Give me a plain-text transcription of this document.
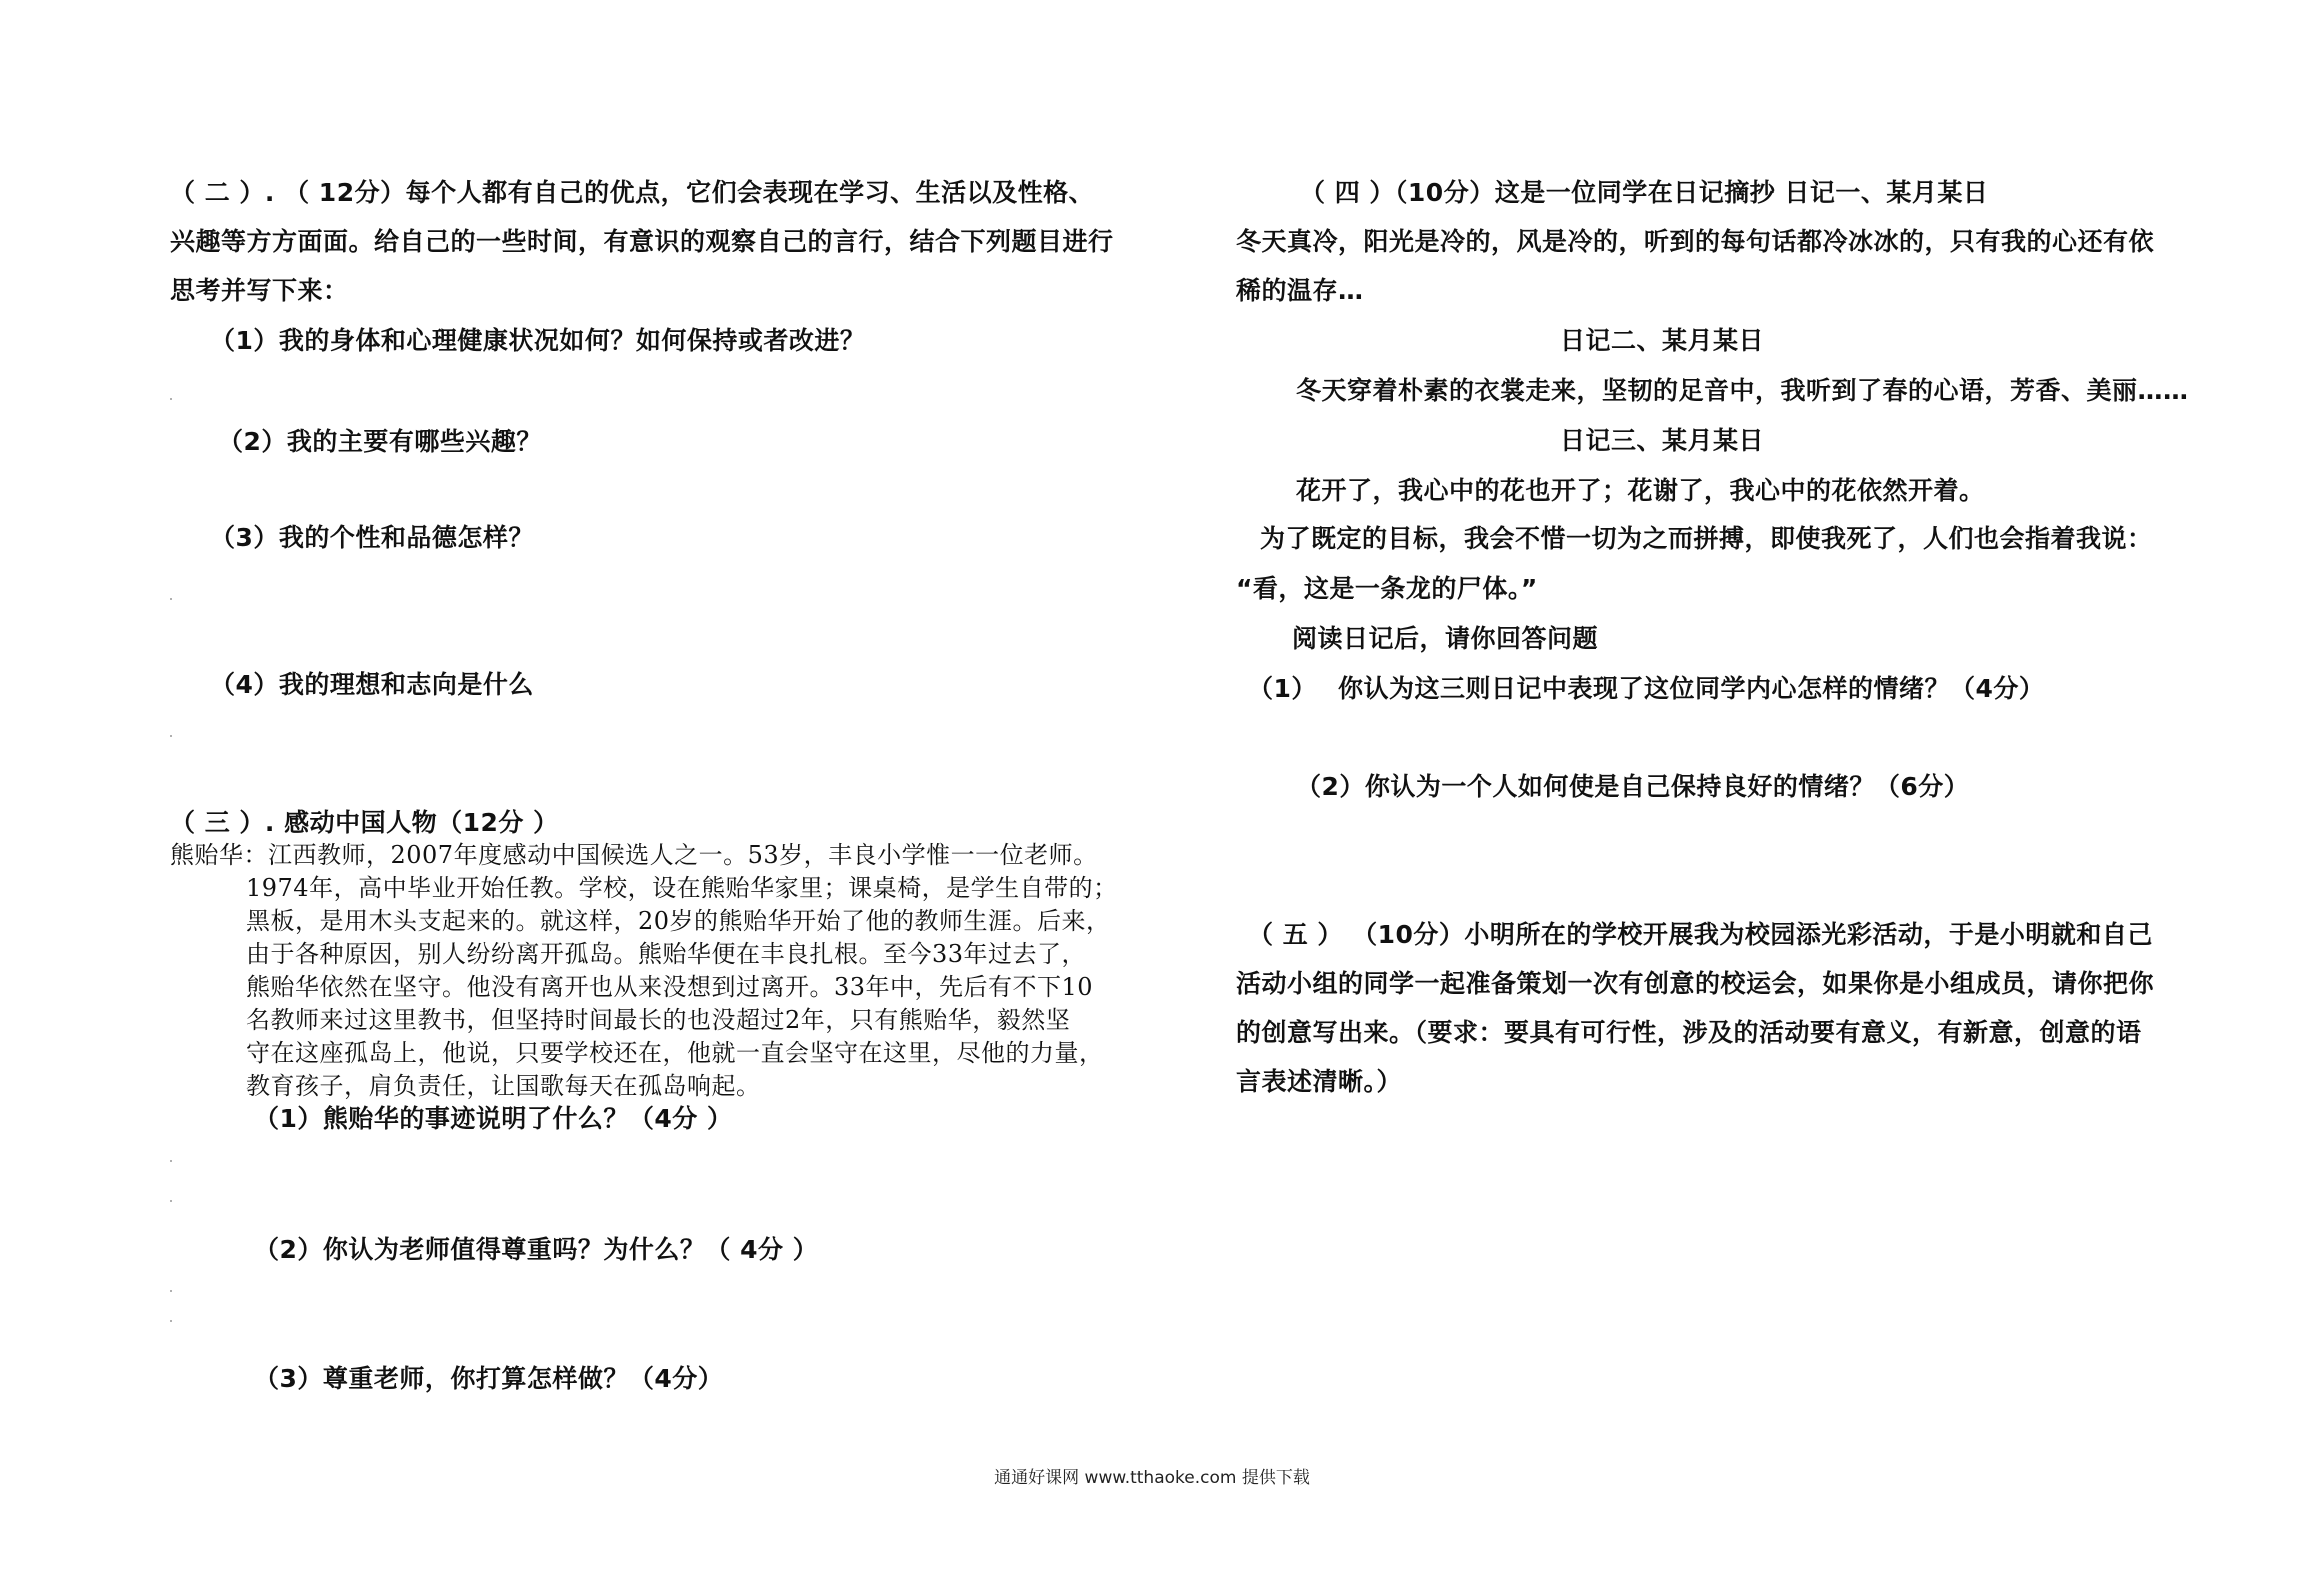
（ 二 ）. （ 12分）每个人都有自己的优点，它们会表现在学习、生活以及性格、
兴趣等方方面面。给自己的一些时间，有意识的观察自己的言行，结合下列题目进行
思考并写下来：
（1）我的身体和心理健康状况如何？如何保持或者改进？
（2）我的主要有哪些兴趣？
（3）我的个性和品德怎样？
（4）我的理想和志向是什么
（ 三 ）. 感动中国人物（12分 ）
熊贻华：江西教师，2007年度感动中国候选人之一。53岁，丰良小学惟一一位老师。
1974年，高中毕业开始任教。学校，设在熊贻华家里；课桌椅，是学生自带的；
黑板，是用木头支起来的。就这样，20岁的熊贻华开始了他的教师生涯。后来，
由于各种原因，别人纷纷离开孤岛。熊贻华便在丰良扎根。至今33年过去了，
熊贻华依然在坚守。他没有离开也从来没想到过离开。33年中，先后有不下10
名教师来过这里教书，但坚持时间最长的也没超过2年，只有熊贻华，毅然坚
守在这座孤岛上，他说，只要学校还在，他就一直会坚守在这里，尽他的力量，
教育孩子，肩负责任，让国歌每天在孤岛响起。
（1）熊贻华的事迹说明了什么？（4分 ）
（2）你认为老师值得尊重吗？为什么？（ 4分 ）
（3）尊重老师，你打算怎样做？（4分）
（ 四 ）（10分）这是一位同学在日记摘抄 日记一、某月某日
冬天真冷，阳光是冷的，风是冷的，听到的每句话都冷冰冰的，只有我的心还有依
稀的温存…
日记二、某月某日
冬天穿着朴素的衣裳走来，坚韧的足音中，我听到了春的心语，芳香、美丽……
日记三、某月某日
花开了，我心中的花也开了；花谢了，我心中的花依然开着。
为了既定的目标，我会不惜一切为之而拼搏，即使我死了，人们也会指着我说：
“看，这是一条龙的尸体。”
阅读日记后，请你回答问题
（1） 你认为这三则日记中表现了这位同学内心怎样的情绪？（4分）
（2）你认为一个人如何使是自己保持良好的情绪？（6分）
（ 五 ） （10分）小明所在的学校开展我为校园添光彩活动，于是小明就和自己
活动小组的同学一起准备策划一次有创意的校运会，如果你是小组成员，请你把你
的创意写出来。（要求：要具有可行性，涉及的活动要有意义，有新意，创意的语
言表述清晰。）
通通好课网 www.tthaoke.com 提供下载
